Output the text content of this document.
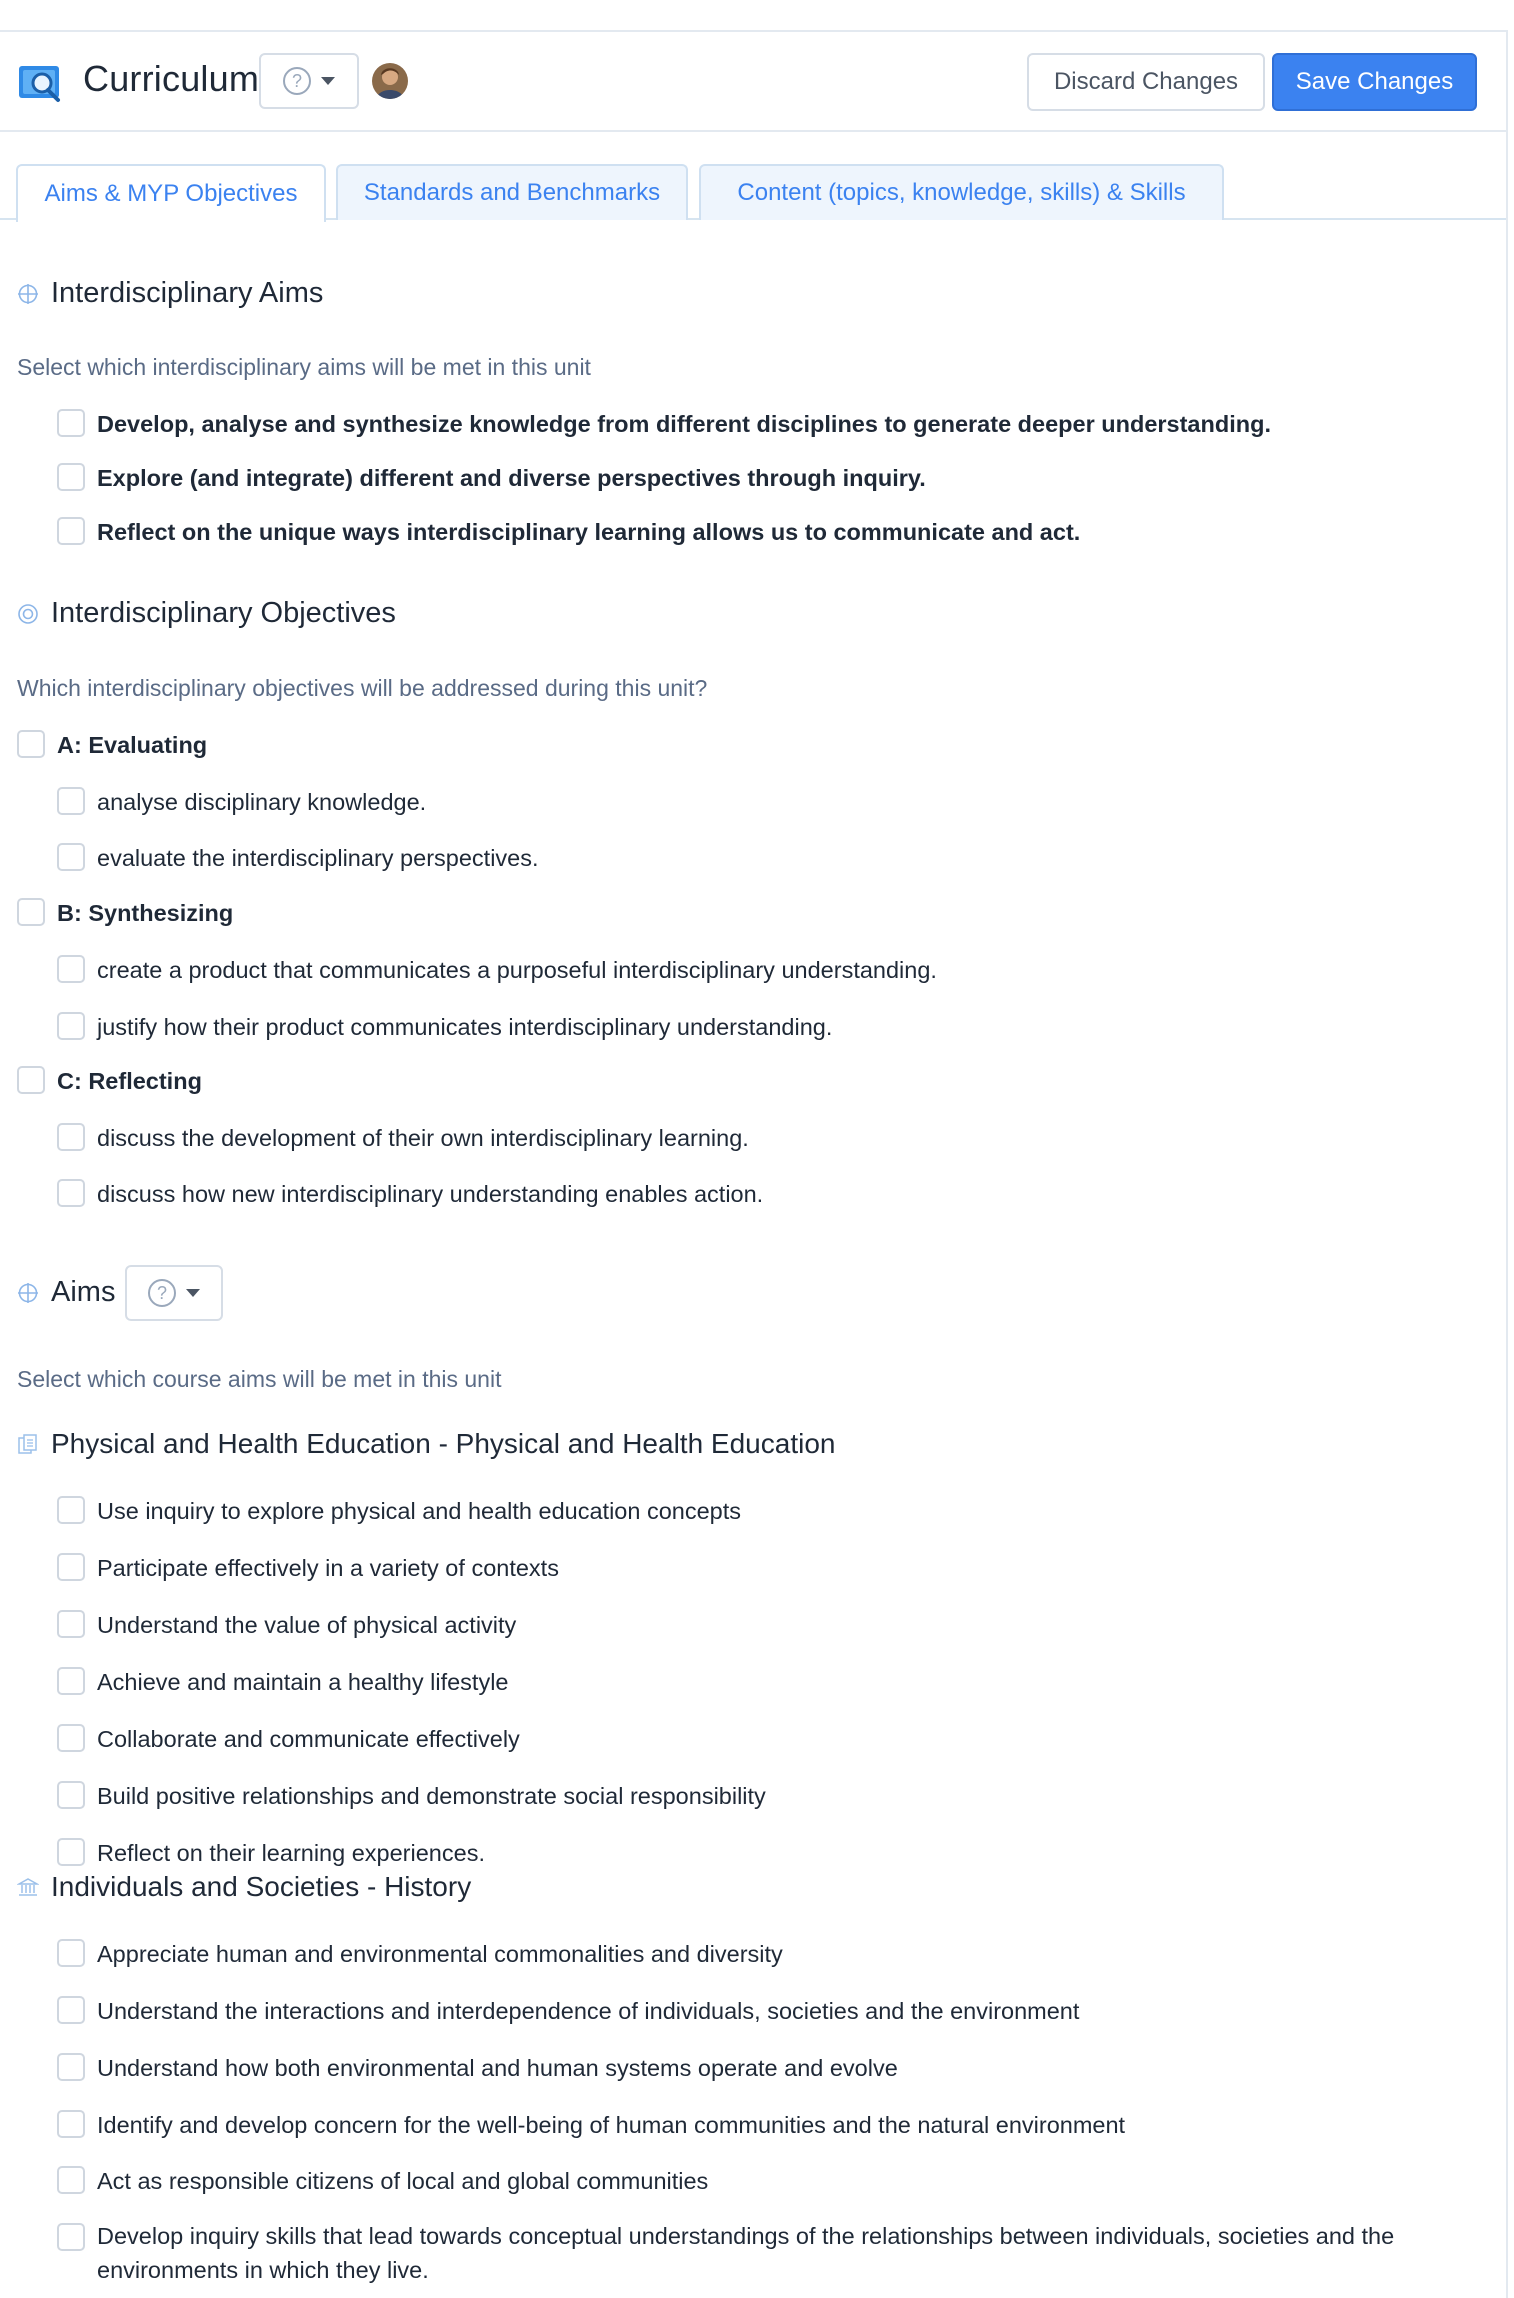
Curriculum	?	Discard Changes	Save Changes
Aims & MYP Objectives	Standards and Benchmarks	Content (topics, knowledge, skills) & Skills
Interdisciplinary Aims
Select which interdisciplinary aims will be met in this unit
Develop, analyse and synthesize knowledge from different disciplines to generate deeper understanding.
Explore (and integrate) different and diverse perspectives through inquiry.
Reflect on the unique ways interdisciplinary learning allows us to communicate and act.
Interdisciplinary Objectives
Which interdisciplinary objectives will be addressed during this unit?
A: Evaluating
analyse disciplinary knowledge.
evaluate the interdisciplinary perspectives.
B: Synthesizing
create a product that communicates a purposeful interdisciplinary understanding.
justify how their product communicates interdisciplinary understanding.
C: Reflecting
discuss the development of their own interdisciplinary learning.
discuss how new interdisciplinary understanding enables action.
Aims	?
Select which course aims will be met in this unit
Physical and Health Education - Physical and Health Education
Use inquiry to explore physical and health education concepts
Participate effectively in a variety of contexts
Understand the value of physical activity
Achieve and maintain a healthy lifestyle
Collaborate and communicate effectively
Build positive relationships and demonstrate social responsibility
Reflect on their learning experiences.
Individuals and Societies - History
Appreciate human and environmental commonalities and diversity
Understand the interactions and interdependence of individuals, societies and the environment
Understand how both environmental and human systems operate and evolve
Identify and develop concern for the well-being of human communities and the natural environment
Act as responsible citizens of local and global communities
Develop inquiry skills that lead towards conceptual understandings of the relationships between individuals, societies and the environments in which they live.
